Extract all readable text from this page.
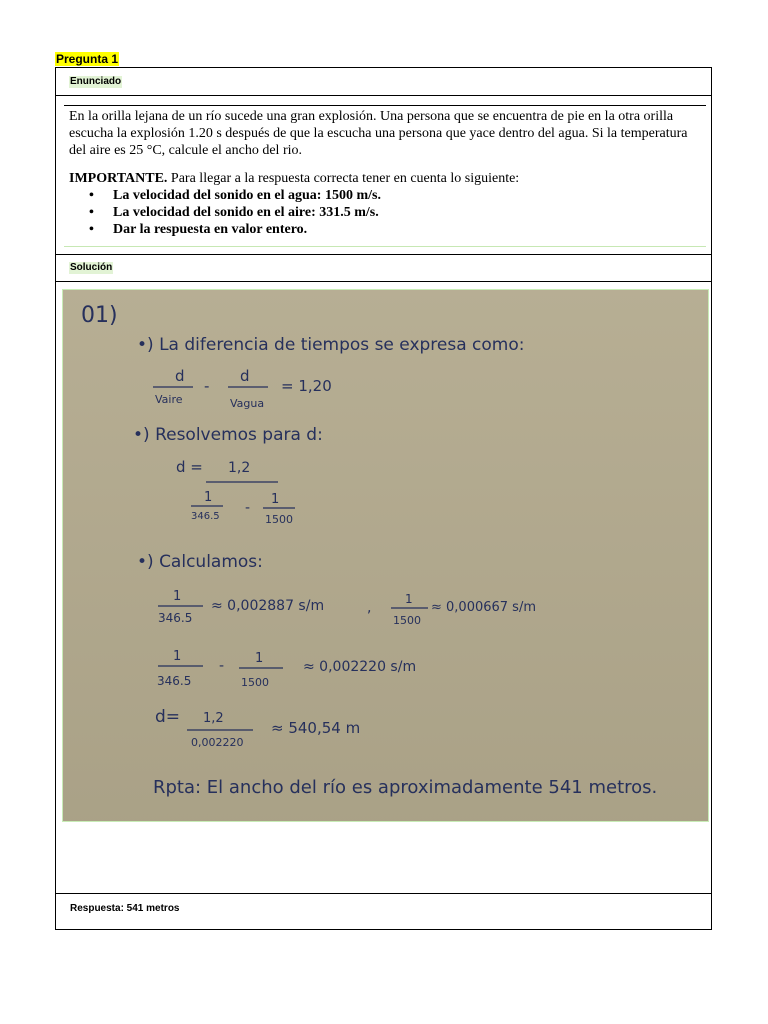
Pregunta 1
Enunciado

En la orilla lejana de un río sucede una gran explosión. Una persona que se encuentra de pie en la otra orilla escucha la explosión 1.20 s después de que la escucha una persona que yace dentro del agua. Si la temperatura del aire es 25 °C, calcule el ancho del rio.

IMPORTANTE. Para llegar a la respuesta correcta tener en cuenta lo siguiente:

• La velocidad del sonido en el agua: 1500 m/s.
• La velocidad del sonido en el aire: 331.5 m/s.
• Dar la respuesta en valor entero.
Solución
01)
•) La diferencia de tiempos se expresa como:
d
Vaire
-
d
Vagua
= 1,20
•) Resolvemos para d:
d = 1,2
1
346.5
-
1
1500
•) Calculamos:
1
346.5
≈ 0,002887 s/m	,
1
1500
≈ 0,000667 s/m
1
346.5
- 1
1500
≈ 0,002220 s/m
d= 1,2
0,002220
≈ 540,54 m
Rpta: El ancho del río es aproximadamente 541 metros.
Respuesta: 541 metros
